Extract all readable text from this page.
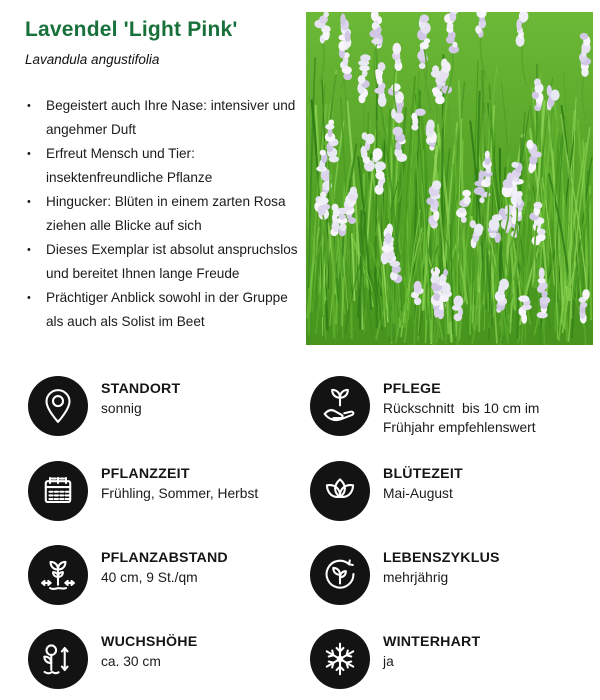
Lavendel 'Light Pink'

Lavandula angustifolia

• Begeistert auch Ihre Nase: intensiver und angehmer Duft
• Erfreut Mensch und Tier: insektenfreundliche Pflanze
• Hingucker: Blüten in einem zarten Rosa ziehen alle Blicke auf sich
• Dieses Exemplar ist absolut anspruchslos und bereitet Ihnen lange Freude
• Prächtiger Anblick sowohl in der Gruppe als auch als Solist im Beet
STANDORT
sonnig
PFLEGE
Rückschnitt  bis 10 cm im Frühjahr empfehlenswert
PFLANZZEIT
Frühling, Sommer, Herbst
BLÜTEZEIT
Mai-August
PFLANZABSTAND
40 cm, 9 St./qm
LEBENSZYKLUS
mehrjährig
WUCHSHÖHE
ca. 30 cm
WINTERHART
ja
